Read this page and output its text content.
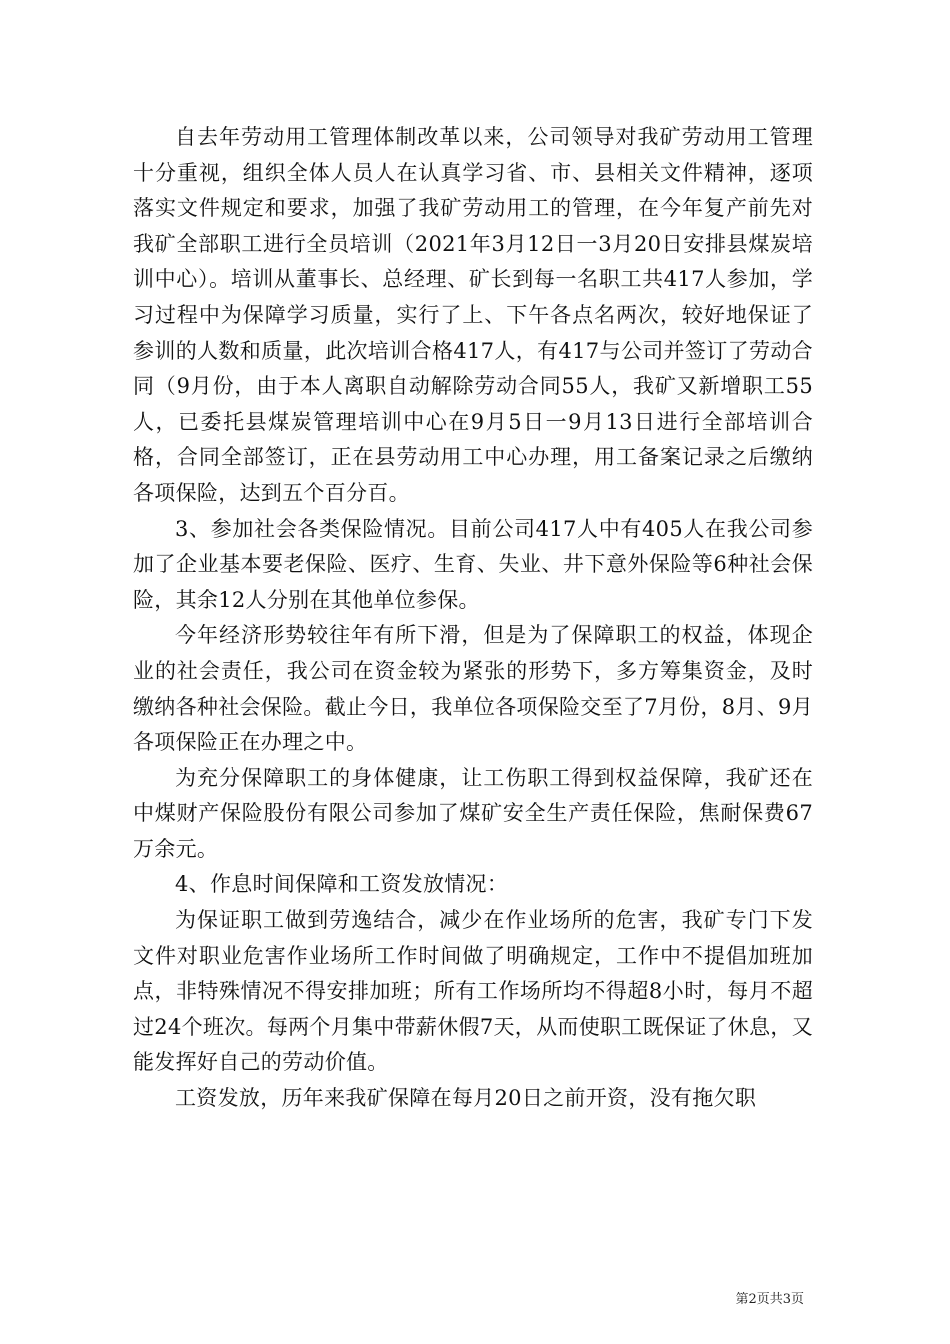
自去年劳动用工管理体制改革以来，公司领导对我矿劳动用工管理十分重视，组织全体人员人在认真学习省、市、县相关文件精神，逐项落实文件规定和要求，加强了我矿劳动用工的管理，在今年复产前先对我矿全部职工进行全员培训（2021年3月12日一3月20日安排县煤炭培训中心）。培训从董事长、总经理、矿长到每一名职工共417人参加，学习过程中为保障学习质量，实行了上、下午各点名两次，较好地保证了参训的人数和质量，此次培训合格417人，有417与公司并签订了劳动合同（9月份，由于本人离职自动解除劳动合同55人，我矿又新增职工55人，已委托县煤炭管理培训中心在9月5日一9月13日进行全部培训合格，合同全部签订，正在县劳动用工中心办理，用工备案记录之后缴纳各项保险，达到五个百分百。

3、参加社会各类保险情况。目前公司417人中有405人在我公司参加了企业基本要老保险、医疗、生育、失业、井下意外保险等6种社会保险，其余12人分别在其他单位参保。

今年经济形势较往年有所下滑，但是为了保障职工的权益，体现企业的社会责任，我公司在资金较为紧张的形势下，多方筹集资金，及时缴纳各种社会保险。截止今日，我单位各项保险交至了7月份，8月、9月各项保险正在办理之中。

为充分保障职工的身体健康，让工伤职工得到权益保障，我矿还在中煤财产保险股份有限公司参加了煤矿安全生产责任保险，焦耐保费67万余元。

4、作息时间保障和工资发放情况：

为保证职工做到劳逸结合，减少在作业场所的危害，我矿专门下发文件对职业危害作业场所工作时间做了明确规定，工作中不提倡加班加点，非特殊情况不得安排加班；所有工作场所均不得超8小时，每月不超过24个班次。每两个月集中带薪休假7天，从而使职工既保证了休息，又能发挥好自己的劳动价值。

工资发放，历年来我矿保障在每月20日之前开资，没有拖欠职

第2页共3页
